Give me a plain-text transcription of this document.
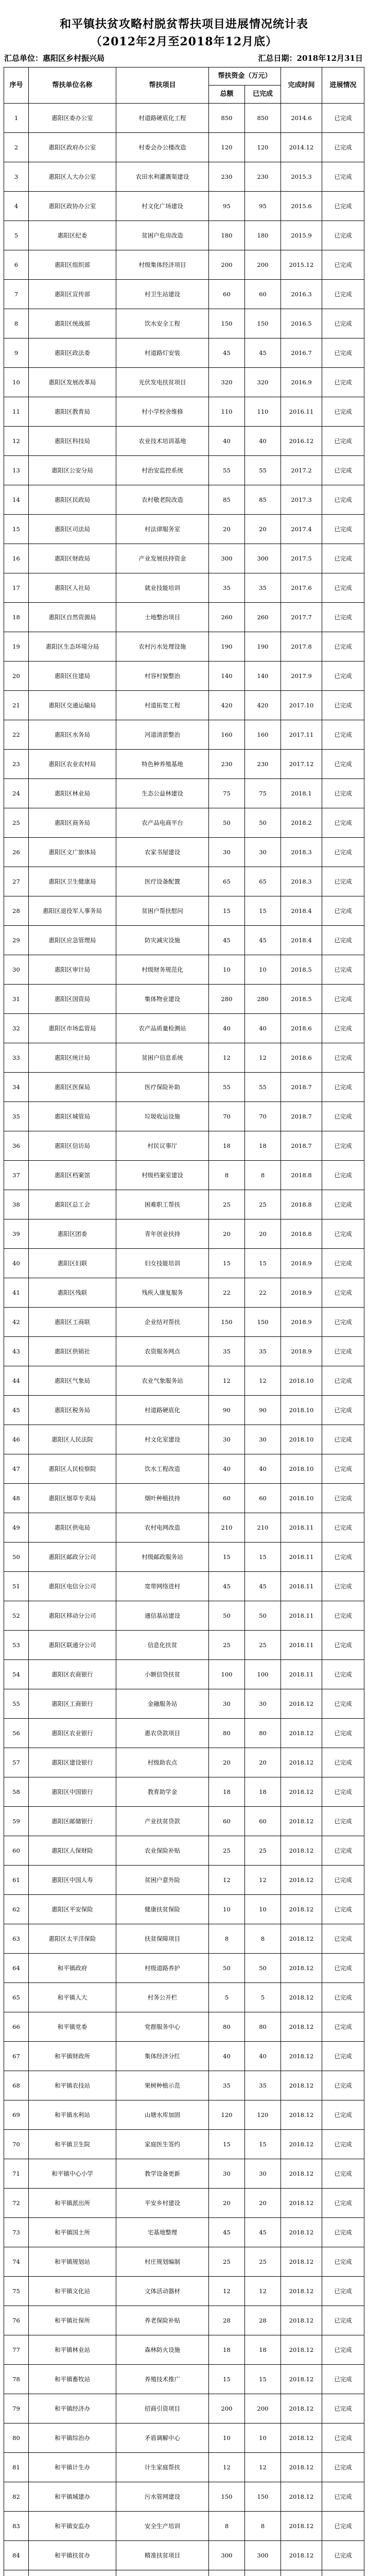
和平镇扶贫攻略村脱贫帮扶项目进展情况统计表
（2012年2月至2018年12月底）
汇总单位：惠阳区乡村振兴局	汇总日期：2018年12月31日
序号	帮扶单位名称	帮扶项目	帮扶资金（万元）		完成时间	进展情况
			总额	已完成		
1	惠阳区委办公室	村道路硬底化工程	850	850	2014.6	已完成
2	惠阳区政府办公室	村委会办公楼改造	120	120	2014.12	已完成
3	惠阳区人大办公室	农田水利灌溉渠建设	230	230	2015.3	已完成
4	惠阳区政协办公室	村文化广场建设	95	95	2015.6	已完成
5	惠阳区纪委	贫困户危房改造	180	180	2015.9	已完成
6	惠阳区组织部	村级集体经济项目	200	200	2015.12	已完成
7	惠阳区宣传部	村卫生站建设	60	60	2016.3	已完成
8	惠阳区统战部	饮水安全工程	150	150	2016.5	已完成
9	惠阳区政法委	村道路灯安装	45	45	2016.7	已完成
10	惠阳区发展改革局	光伏发电扶贫项目	320	320	2016.9	已完成
11	惠阳区教育局	村小学校舍维修	110	110	2016.11	已完成
12	惠阳区科技局	农业技术培训基地	40	40	2016.12	已完成
13	惠阳区公安分局	村治安监控系统	55	55	2017.2	已完成
14	惠阳区民政局	农村敬老院改造	85	85	2017.3	已完成
15	惠阳区司法局	村法律服务室	20	20	2017.4	已完成
16	惠阳区财政局	产业发展扶持资金	300	300	2017.5	已完成
17	惠阳区人社局	就业技能培训	35	35	2017.6	已完成
18	惠阳区自然资源局	土地整治项目	260	260	2017.7	已完成
19	惠阳区生态环境分局	农村污水处理设施	190	190	2017.8	已完成
20	惠阳区住建局	村容村貌整治	140	140	2017.9	已完成
21	惠阳区交通运输局	村道拓宽工程	420	420	2017.10	已完成
22	惠阳区水务局	河道清淤整治	160	160	2017.11	已完成
23	惠阳区农业农村局	特色种养殖基地	230	230	2017.12	已完成
24	惠阳区林业局	生态公益林建设	75	75	2018.1	已完成
25	惠阳区商务局	农产品电商平台	50	50	2018.2	已完成
26	惠阳区文广旅体局	农家书屋建设	30	30	2018.3	已完成
27	惠阳区卫生健康局	医疗设备配置	65	65	2018.3	已完成
28	惠阳区退役军人事务局	贫困户帮扶慰问	15	15	2018.4	已完成
29	惠阳区应急管理局	防灾减灾设施	45	45	2018.4	已完成
30	惠阳区审计局	村级财务规范化	10	10	2018.5	已完成
31	惠阳区国资局	集体物业建设	280	280	2018.5	已完成
32	惠阳区市场监管局	农产品质量检测站	40	40	2018.6	已完成
33	惠阳区统计局	贫困户信息系统	12	12	2018.6	已完成
34	惠阳区医保局	医疗保险补助	55	55	2018.7	已完成
35	惠阳区城管局	垃圾收运设施	70	70	2018.7	已完成
36	惠阳区信访局	村民议事厅	18	18	2018.7	已完成
37	惠阳区档案馆	村级档案室建设	8	8	2018.8	已完成
38	惠阳区总工会	困难职工帮扶	25	25	2018.8	已完成
39	惠阳区团委	青年创业扶持	20	20	2018.8	已完成
40	惠阳区妇联	妇女技能培训	15	15	2018.9	已完成
41	惠阳区残联	残疾人康复服务	22	22	2018.9	已完成
42	惠阳区工商联	企业结对帮扶	150	150	2018.9	已完成
43	惠阳区供销社	农资服务网点	35	35	2018.9	已完成
44	惠阳区气象局	农业气象服务站	12	12	2018.10	已完成
45	惠阳区税务局	村道路硬底化	90	90	2018.10	已完成
46	惠阳区人民法院	村文化室建设	30	30	2018.10	已完成
47	惠阳区人民检察院	饮水工程改造	40	40	2018.10	已完成
48	惠阳区烟草专卖局	烟叶种植扶持	60	60	2018.10	已完成
49	惠阳区供电局	农村电网改造	210	210	2018.11	已完成
50	惠阳区邮政分公司	村级邮政服务站	15	15	2018.11	已完成
51	惠阳区电信分公司	宽带网络进村	45	45	2018.11	已完成
52	惠阳区移动分公司	通信基站建设	50	50	2018.11	已完成
53	惠阳区联通分公司	信息化扶贫	25	25	2018.11	已完成
54	惠阳区农商银行	小额信贷扶贫	100	100	2018.11	已完成
55	惠阳区工商银行	金融服务站	30	30	2018.12	已完成
56	惠阳区农业银行	惠农贷款项目	80	80	2018.12	已完成
57	惠阳区建设银行	村级助农点	20	20	2018.12	已完成
58	惠阳区中国银行	教育助学金	18	18	2018.12	已完成
59	惠阳区邮储银行	产业扶贫贷款	60	60	2018.12	已完成
60	惠阳区人保财险	农业保险补贴	25	25	2018.12	已完成
61	惠阳区中国人寿	贫困户意外险	12	12	2018.12	已完成
62	惠阳区平安保险	健康扶贫保险	10	10	2018.12	已完成
63	惠阳区太平洋保险	扶贫保障项目	8	8	2018.12	已完成
64	和平镇政府	村级道路养护	50	50	2018.12	已完成
65	和平镇人大	村务公开栏	5	5	2018.12	已完成
66	和平镇党委	党群服务中心	80	80	2018.12	已完成
67	和平镇财政所	集体经济分红	40	40	2018.12	已完成
68	和平镇农技站	果树种植示范	35	35	2018.12	已完成
69	和平镇水利站	山塘水库加固	120	120	2018.12	已完成
70	和平镇卫生院	家庭医生签约	15	15	2018.12	已完成
71	和平镇中心小学	教学设备更新	30	30	2018.12	已完成
72	和平镇派出所	平安乡村建设	20	20	2018.12	已完成
73	和平镇国土所	宅基地整理	45	45	2018.12	已完成
74	和平镇规划站	村庄规划编制	25	25	2018.12	已完成
75	和平镇文化站	文体活动器材	12	12	2018.12	已完成
76	和平镇社保所	养老保险补贴	28	28	2018.12	已完成
77	和平镇林业站	森林防火设施	18	18	2018.12	已完成
78	和平镇畜牧站	养殖技术推广	15	15	2018.12	已完成
79	和平镇经济办	招商引资项目	200	200	2018.12	已完成
80	和平镇综治办	矛盾调解中心	10	10	2018.12	已完成
81	和平镇计生办	计生家庭帮扶	12	12	2018.12	已完成
82	和平镇城建办	污水管网建设	150	150	2018.12	已完成
83	和平镇安监办	安全生产培训	8	8	2018.12	已完成
84	和平镇扶贫办	精准扶贫项目	300	300	2018.12	已完成
